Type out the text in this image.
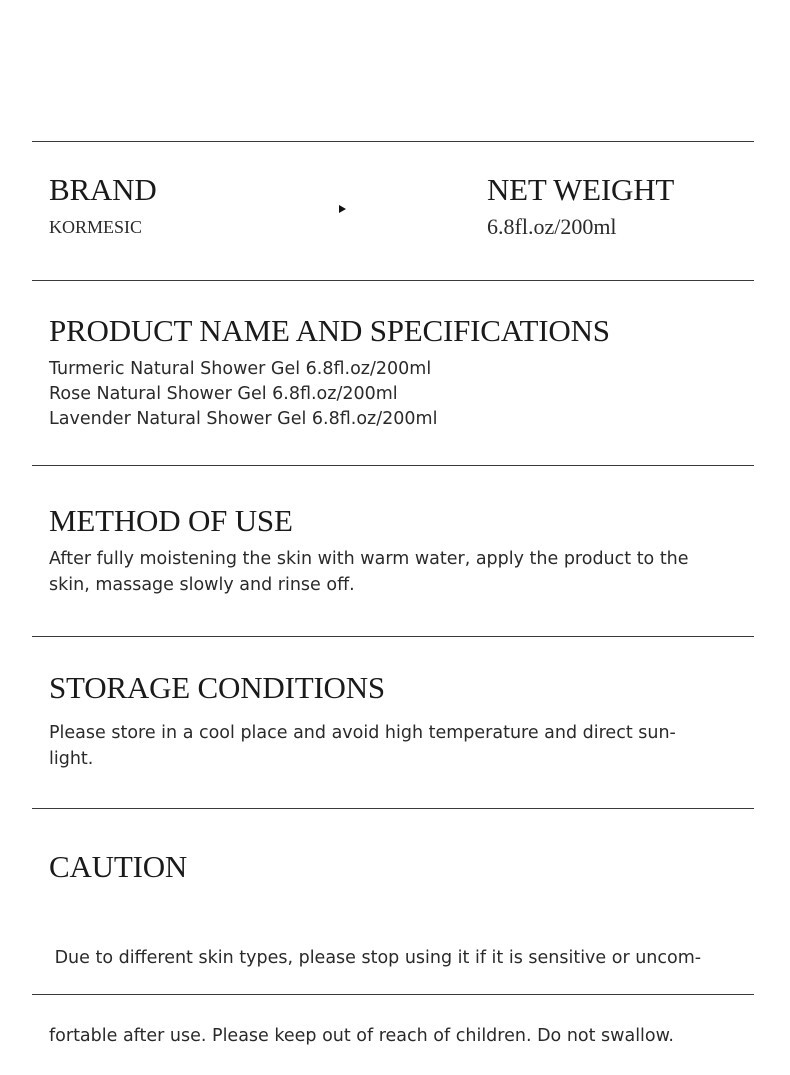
BRAND

KORMESIC

NET WEIGHT

6.8fl.oz/200ml

PRODUCT NAME AND SPECIFICATIONS
Turmeric Natural Shower Gel 6.8fl.oz/200ml
Rose Natural Shower Gel 6.8fl.oz/200ml
Lavender Natural Shower Gel 6.8fl.oz/200ml
METHOD OF USE
After fully moistening the skin with warm water, apply the product to the
skin, massage slowly and rinse off.
STORAGE CONDITIONS
Please store in a cool place and avoid high temperature and direct sun-
light.
CAUTION

Due to different skin types, please stop using it if it is sensitive or uncom-

fortable after use. Please keep out of reach of children. Do not swallow.
